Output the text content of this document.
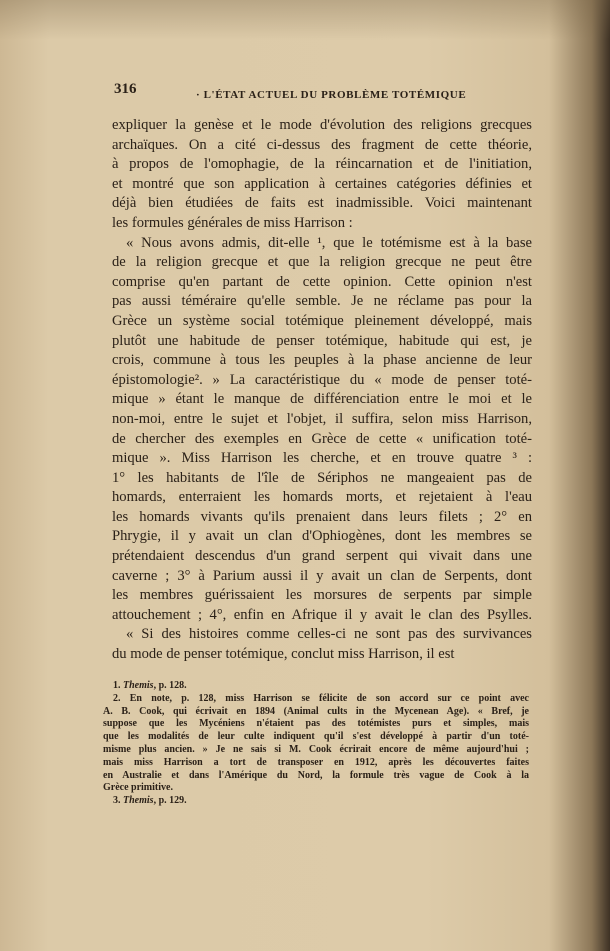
316	· L'ÉTAT ACTUEL DU PROBLÈME TOTÉMIQUE
expliquer la genèse et le mode d'évolution des religions grecques
archaïques. On a cité ci-dessus des fragment de cette théorie,
à propos de l'omophagie, de la réincarnation et de l'initiation,
et montré que son application à certaines catégories définies et
déjà bien étudiées de faits est inadmissible. Voici maintenant
les formules générales de miss Harrison :
« Nous avons admis, dit-elle ¹, que le totémisme est à la base
de la religion grecque et que la religion grecque ne peut être
comprise qu'en partant de cette opinion. Cette opinion n'est
pas aussi téméraire qu'elle semble. Je ne réclame pas pour la
Grèce un système social totémique pleinement développé, mais
plutôt une habitude de penser totémique, habitude qui est, je
crois, commune à tous les peuples à la phase ancienne de leur
épistomologie². » La caractéristique du « mode de penser toté-
mique » étant le manque de différenciation entre le moi et le
non-moi, entre le sujet et l'objet, il suffira, selon miss Harrison,
de chercher des exemples en Grèce de cette « unification toté-
mique ». Miss Harrison les cherche, et en trouve quatre ³ :
1° les habitants de l'île de Sériphos ne mangeaient pas de
homards, enterraient les homards morts, et rejetaient à l'eau
les homards vivants qu'ils prenaient dans leurs filets ; 2° en
Phrygie, il y avait un clan d'Ophiogènes, dont les membres se
prétendaient descendus d'un grand serpent qui vivait dans une
caverne ; 3° à Parium aussi il y avait un clan de Serpents, dont
les membres guérissaient les morsures de serpents par simple
attouchement ; 4°, enfin en Afrique il y avait le clan des Psylles.
« Si des histoires comme celles-ci ne sont pas des survivances
du mode de penser totémique, conclut miss Harrison, il est
1. Themis, p. 128.
2. En note, p. 128, miss Harrison se félicite de son accord sur ce point avec
A. B. Cook, qui écrivait en 1894 (Animal cults in the Mycenean Age). « Bref, je
suppose que les Mycéniens n'étaient pas des totémistes purs et simples, mais
que les modalités de leur culte indiquent qu'il s'est développé à partir d'un toté-
misme plus ancien. » Je ne sais si M. Cook écrirait encore de même aujourd'hui ;
mais miss Harrison a tort de transposer en 1912, après les découvertes faites
en Australie et dans l'Amérique du Nord, la formule très vague de Cook à la
Grèce primitive.
3. Themis, p. 129.
